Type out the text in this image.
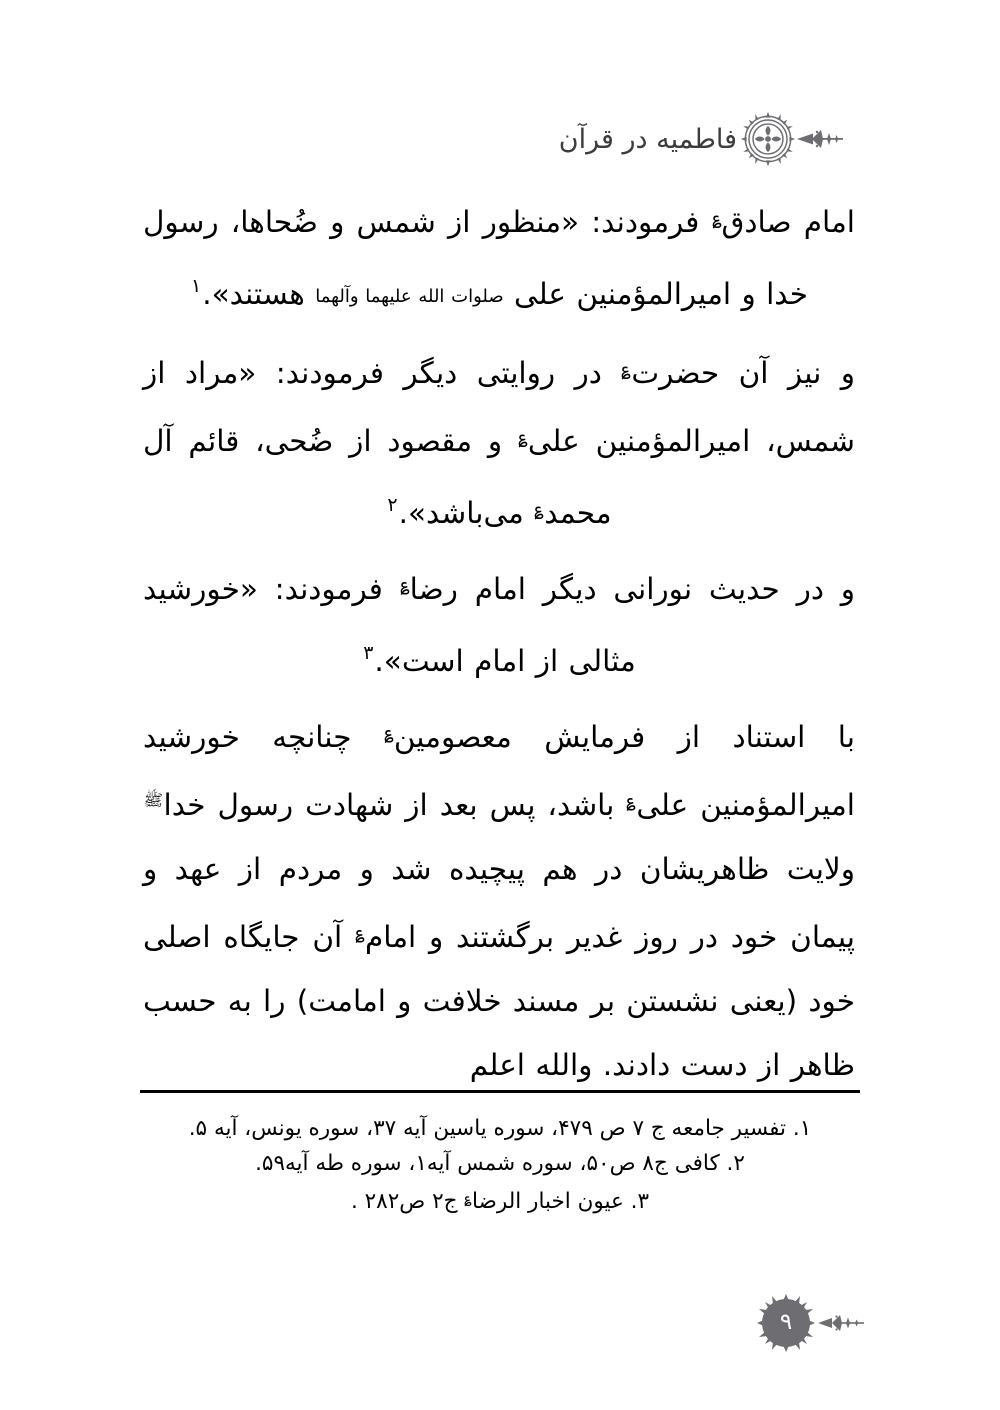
فاطمیه در قرآن

امام صادق؏ فرمودند: «منظور از شمس و ضُحاها، رسول خدا و امیرالمؤمنین علی صلوات الله علیهما وآلهما هستند».$^۱$

و نیز آن حضرت؏ در روایتی دیگر فرمودند: «مراد از شمس، امیرالمؤمنین علی؏ و مقصود از ضُحی، قائم آل محمد؏ می‌باشد».$^۲$

و در حدیث نورانی دیگر امام رضا؏ فرمودند: «خورشید مثالی از امام است».$^۳$

با استناد از فرمایش معصومین؏ چنانچه خورشید امیرالمؤمنین علی؏ باشد، پس بعد از شهادت رسول خداﷺ ولایت ظاهریشان در هم پیچیده شد و مردم از عهد و پیمان خود در روز غدیر برگشتند و امام؏ آن جایگاه اصلی خود (یعنی نشستن بر مسند خلافت و امامت) را به حسب ظاهر از دست دادند. والله اعلم

۱. تفسیر جامعه ج ۷ ص ۴۷۹، سوره یاسین آیه ۳۷، سوره یونس، آیه ۵.

۲. کافی ج۸ ص۵۰، سوره شمس آیه۱، سوره طه آیه۵۹.

۳. عیون اخبار الرضا؏ ج۲ ص۲۸۲ .

۹
